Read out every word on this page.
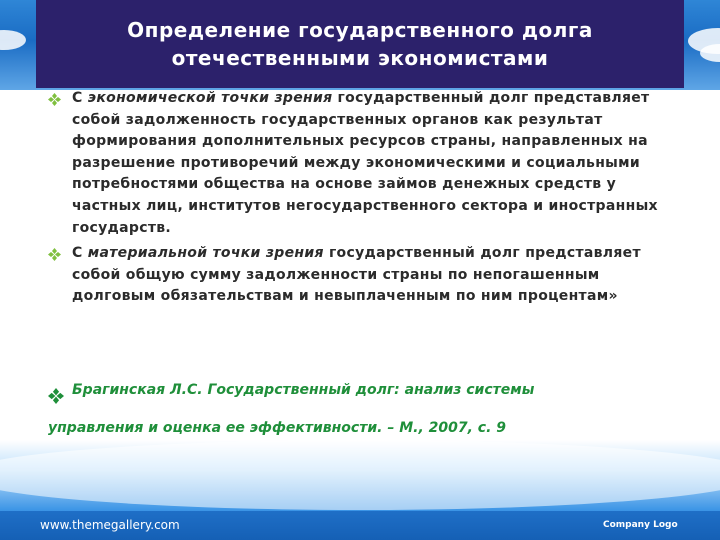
Определение государственного долга
отечественными экономистами
С экономической точки зрения государственный долг представляет собой задолженность государственных органов как результат формирования дополнительных ресурсов страны, направленных на разрешение противоречий между экономическими и социальными потребностями общества на основе займов денежных средств у частных лиц, институтов негосударственного сектора и иностранных государств.
С материальной точки зрения государственный долг представляет собой общую сумму задолженности страны по непогашенным долговым обязательствам и невыплаченным по ним процентам»
Брагинская Л.С. Государственный долг: анализ системы
управления и оценка ее эффективности. – М., 2007, с. 9
www.themegallery.com	Company Logo
